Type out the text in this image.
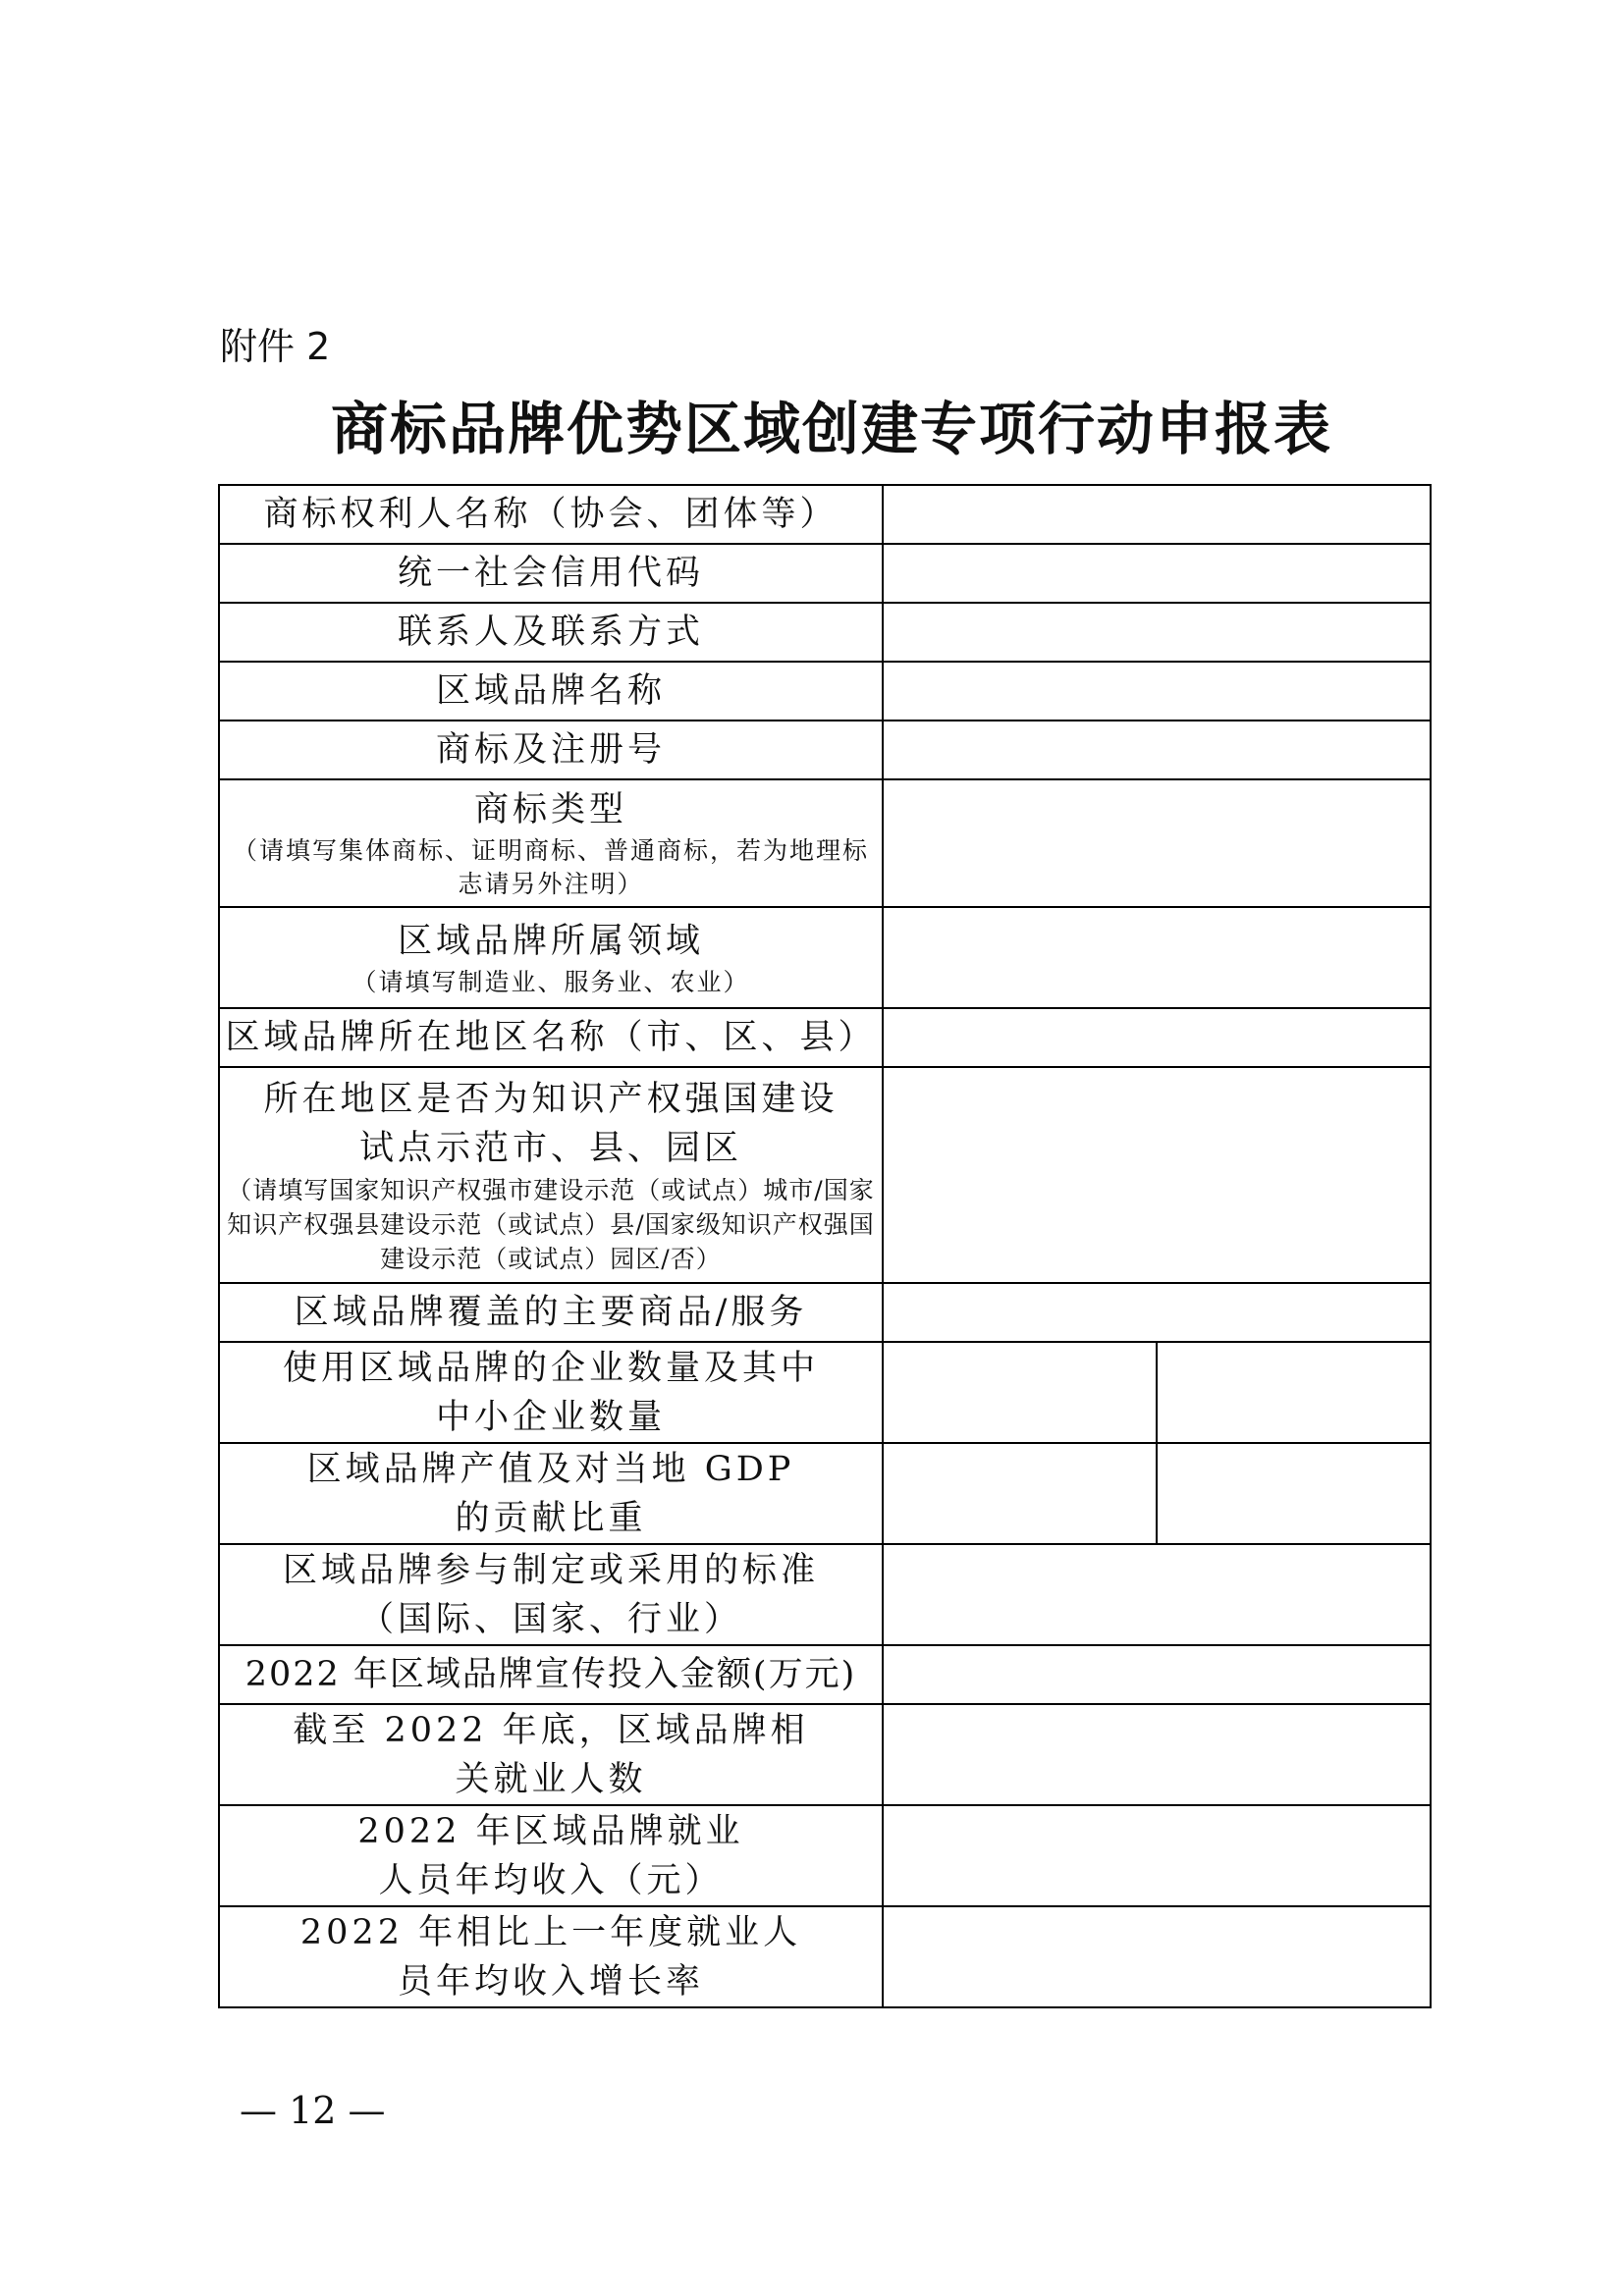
附件 2
商标品牌优势区域创建专项行动申报表
商标权利人名称（协会、团体等）		
统一社会信用代码		
联系人及联系方式		
区域品牌名称		
商标及注册号		
商标类型
（请填写集体商标、证明商标、普通商标，若为地理标志请另外注明）		

区域品牌所属领域
（请填写制造业、服务业、农业）		

区域品牌所在地区名称（市、区、县）		

所在地区是否为知识产权强国建设试点示范市、县、园区
（请填写国家知识产权强市建设示范（或试点）城市/国家知识产权强县建设示范（或试点）县/国家级知识产权强国建设示范（或试点）园区/否）		

区域品牌覆盖的主要商品/服务		

使用区域品牌的企业数量及其中中小企业数量		

区域品牌产值及对当地 GDP 的贡献比重		

区域品牌参与制定或采用的标准（国际、国家、行业）		

2022 年区域品牌宣传投入金额(万元)		

截至 2022 年底，区域品牌相关就业人数		

2022 年区域品牌就业人员年均收入（元）		

2022 年相比上一年度就业人员年均收入增长率		

— 12 —
